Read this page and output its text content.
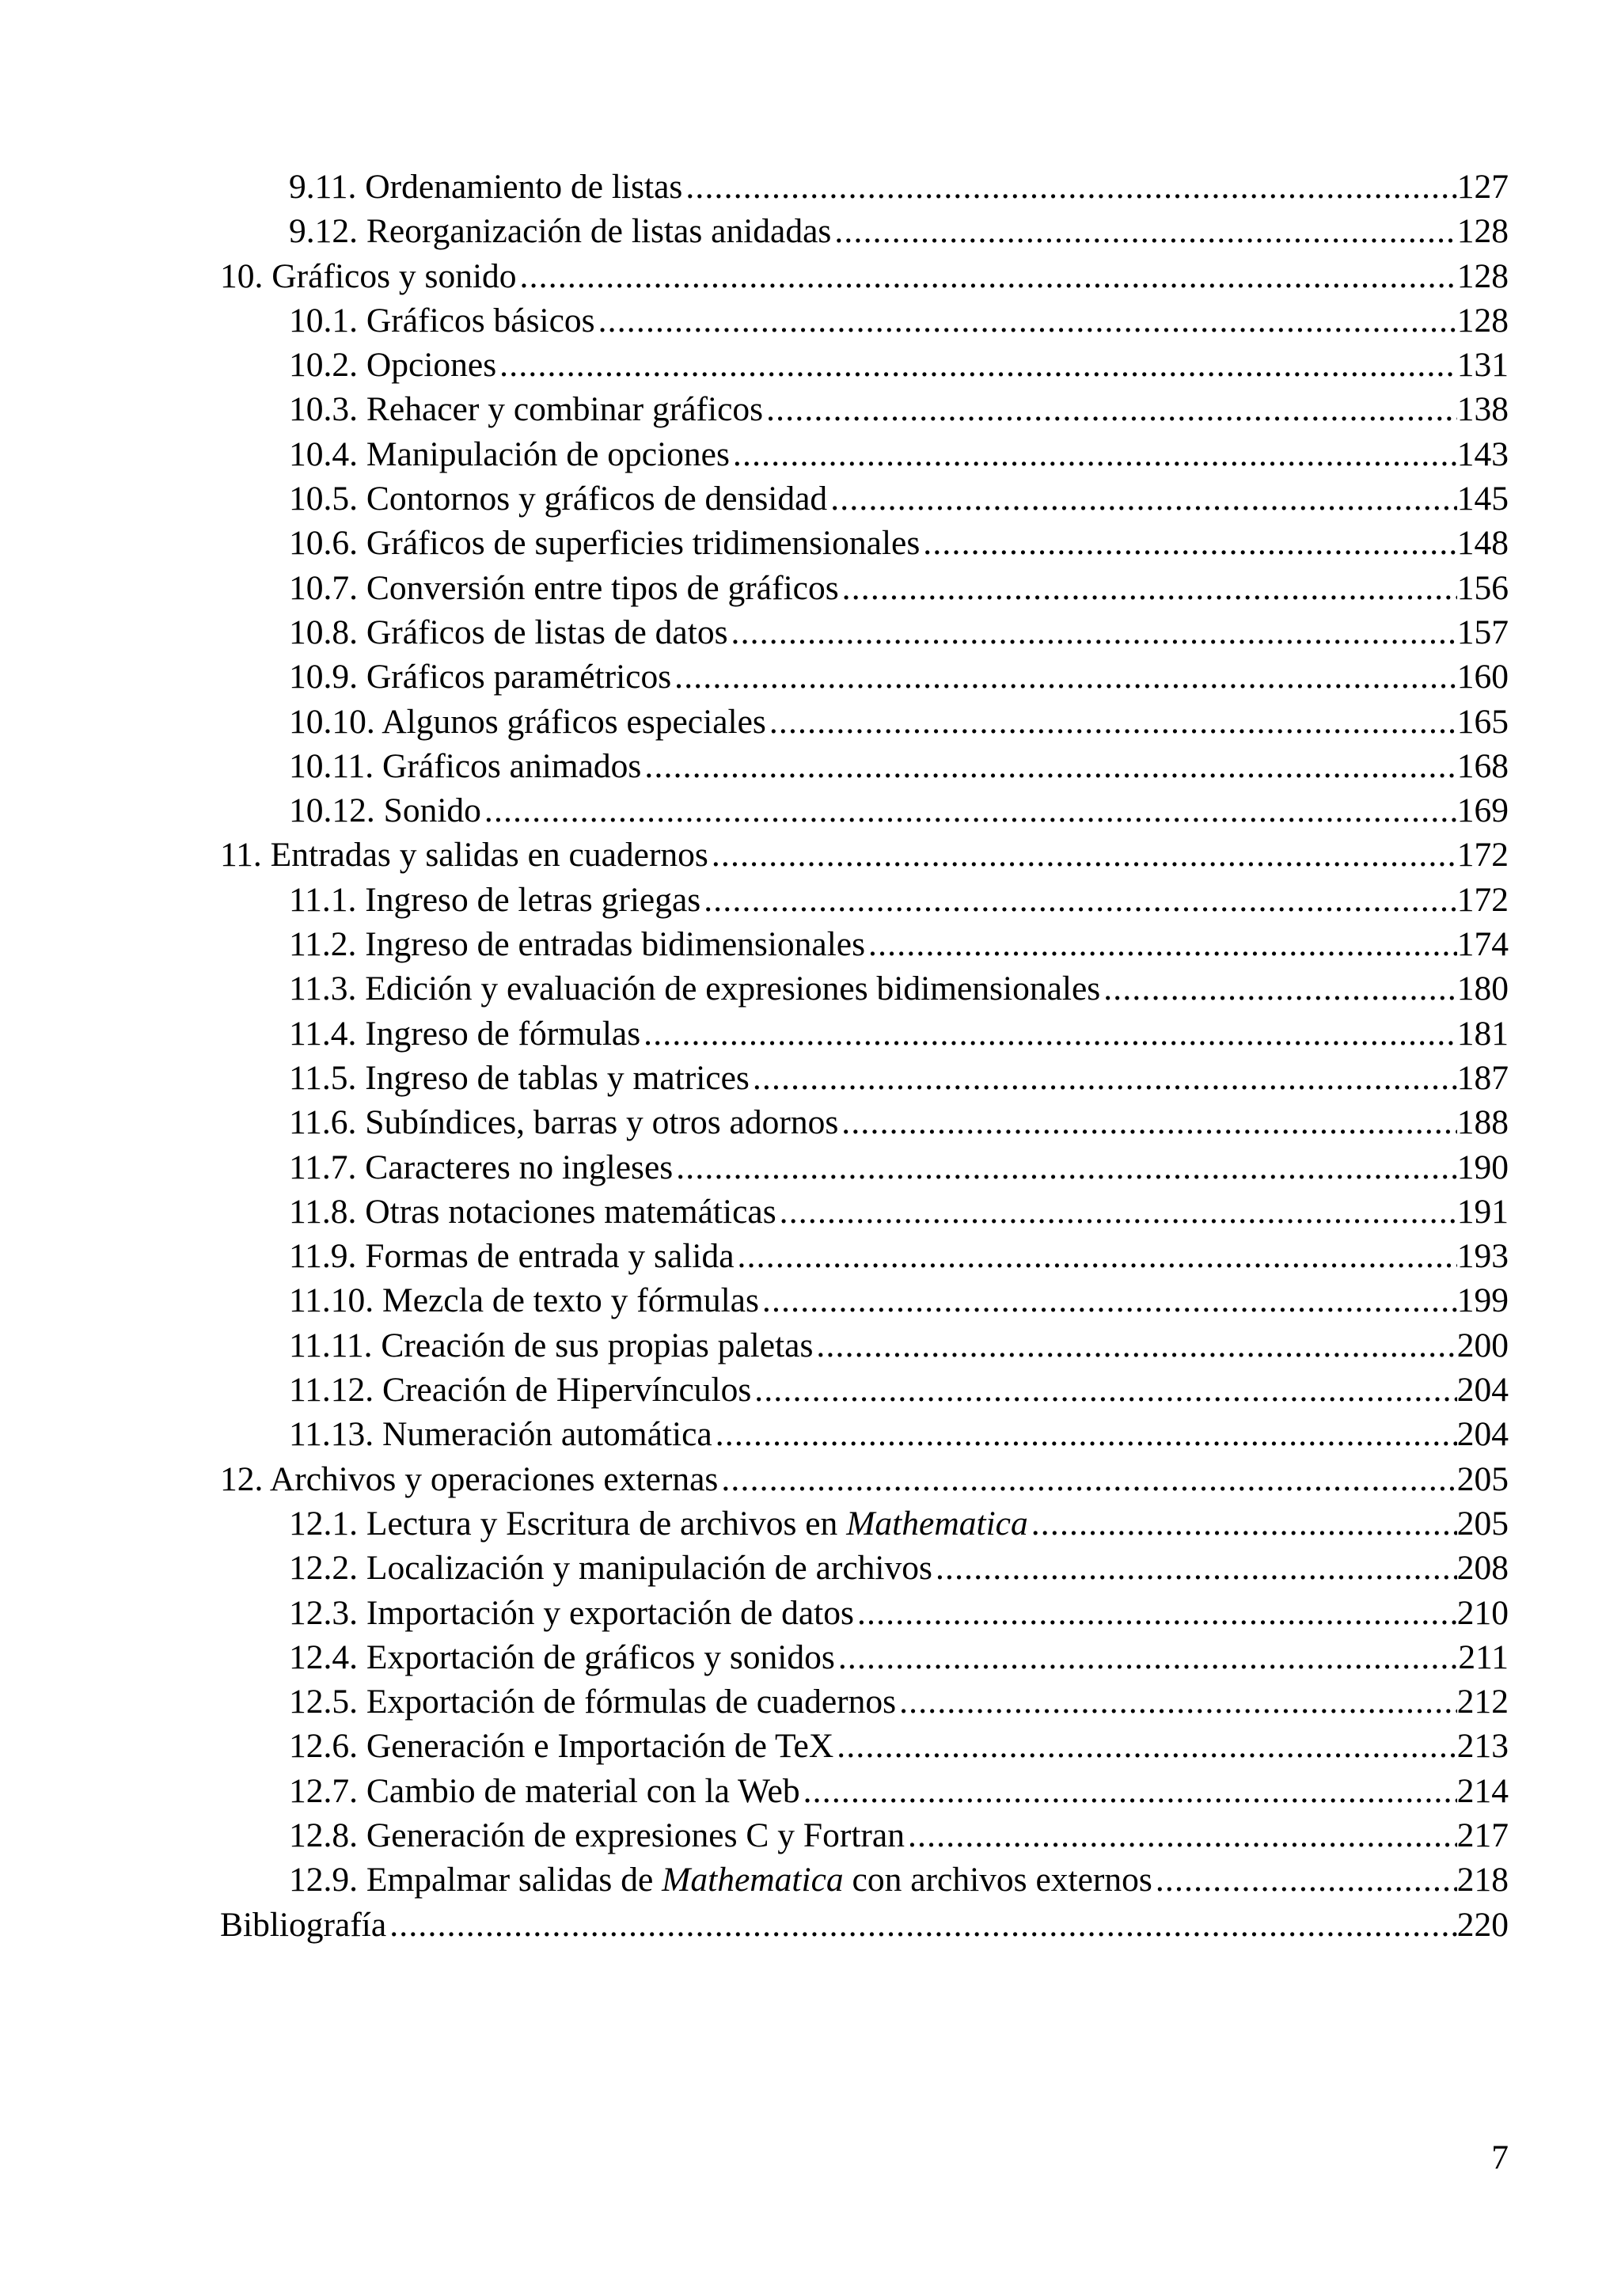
9.11. Ordenamiento de listas .....	127
9.12. Reorganización de listas anidadas .....	128
10. Gráficos y sonido .....	128
10.1. Gráficos básicos .....	128
10.2. Opciones .....	131
10.3. Rehacer y combinar gráficos .....	138
10.4. Manipulación de opciones .....	143
10.5. Contornos y gráficos de densidad .....	145
10.6. Gráficos de superficies tridimensionales .....	148
10.7. Conversión entre tipos de gráficos .....	156
10.8. Gráficos de listas de datos .....	157
10.9. Gráficos paramétricos .....	160
10.10. Algunos gráficos especiales .....	165
10.11. Gráficos animados .....	168
10.12. Sonido .....	169
11. Entradas y salidas en cuadernos .....	172
11.1. Ingreso de letras griegas .....	172
11.2. Ingreso de entradas bidimensionales .....	174
11.3. Edición y evaluación de expresiones bidimensionales .....	180
11.4. Ingreso de fórmulas .....	181
11.5. Ingreso de tablas y matrices .....	187
11.6. Subíndices, barras y otros adornos .....	188
11.7. Caracteres no ingleses .....	190
11.8. Otras notaciones matemáticas .....	191
11.9. Formas de entrada y salida .....	193
11.10. Mezcla de texto y fórmulas .....	199
11.11. Creación de sus propias paletas .....	200
11.12. Creación de Hipervínculos .....	204
11.13. Numeración automática .....	204
12. Archivos y operaciones externas .....	205
12.1. Lectura y Escritura de archivos en Mathematica .....	205
12.2. Localización y manipulación de archivos .....	208
12.3. Importación y exportación de datos .....	210
12.4. Exportación de gráficos y sonidos .....	211
12.5. Exportación de fórmulas de cuadernos .....	212
12.6. Generación e Importación de TeX .....	213
12.7. Cambio de material con la Web .....	214
12.8. Generación de expresiones C y Fortran .....	217
12.9. Empalmar salidas de Mathematica con archivos externos .....	218
Bibliografía .....	220
7
